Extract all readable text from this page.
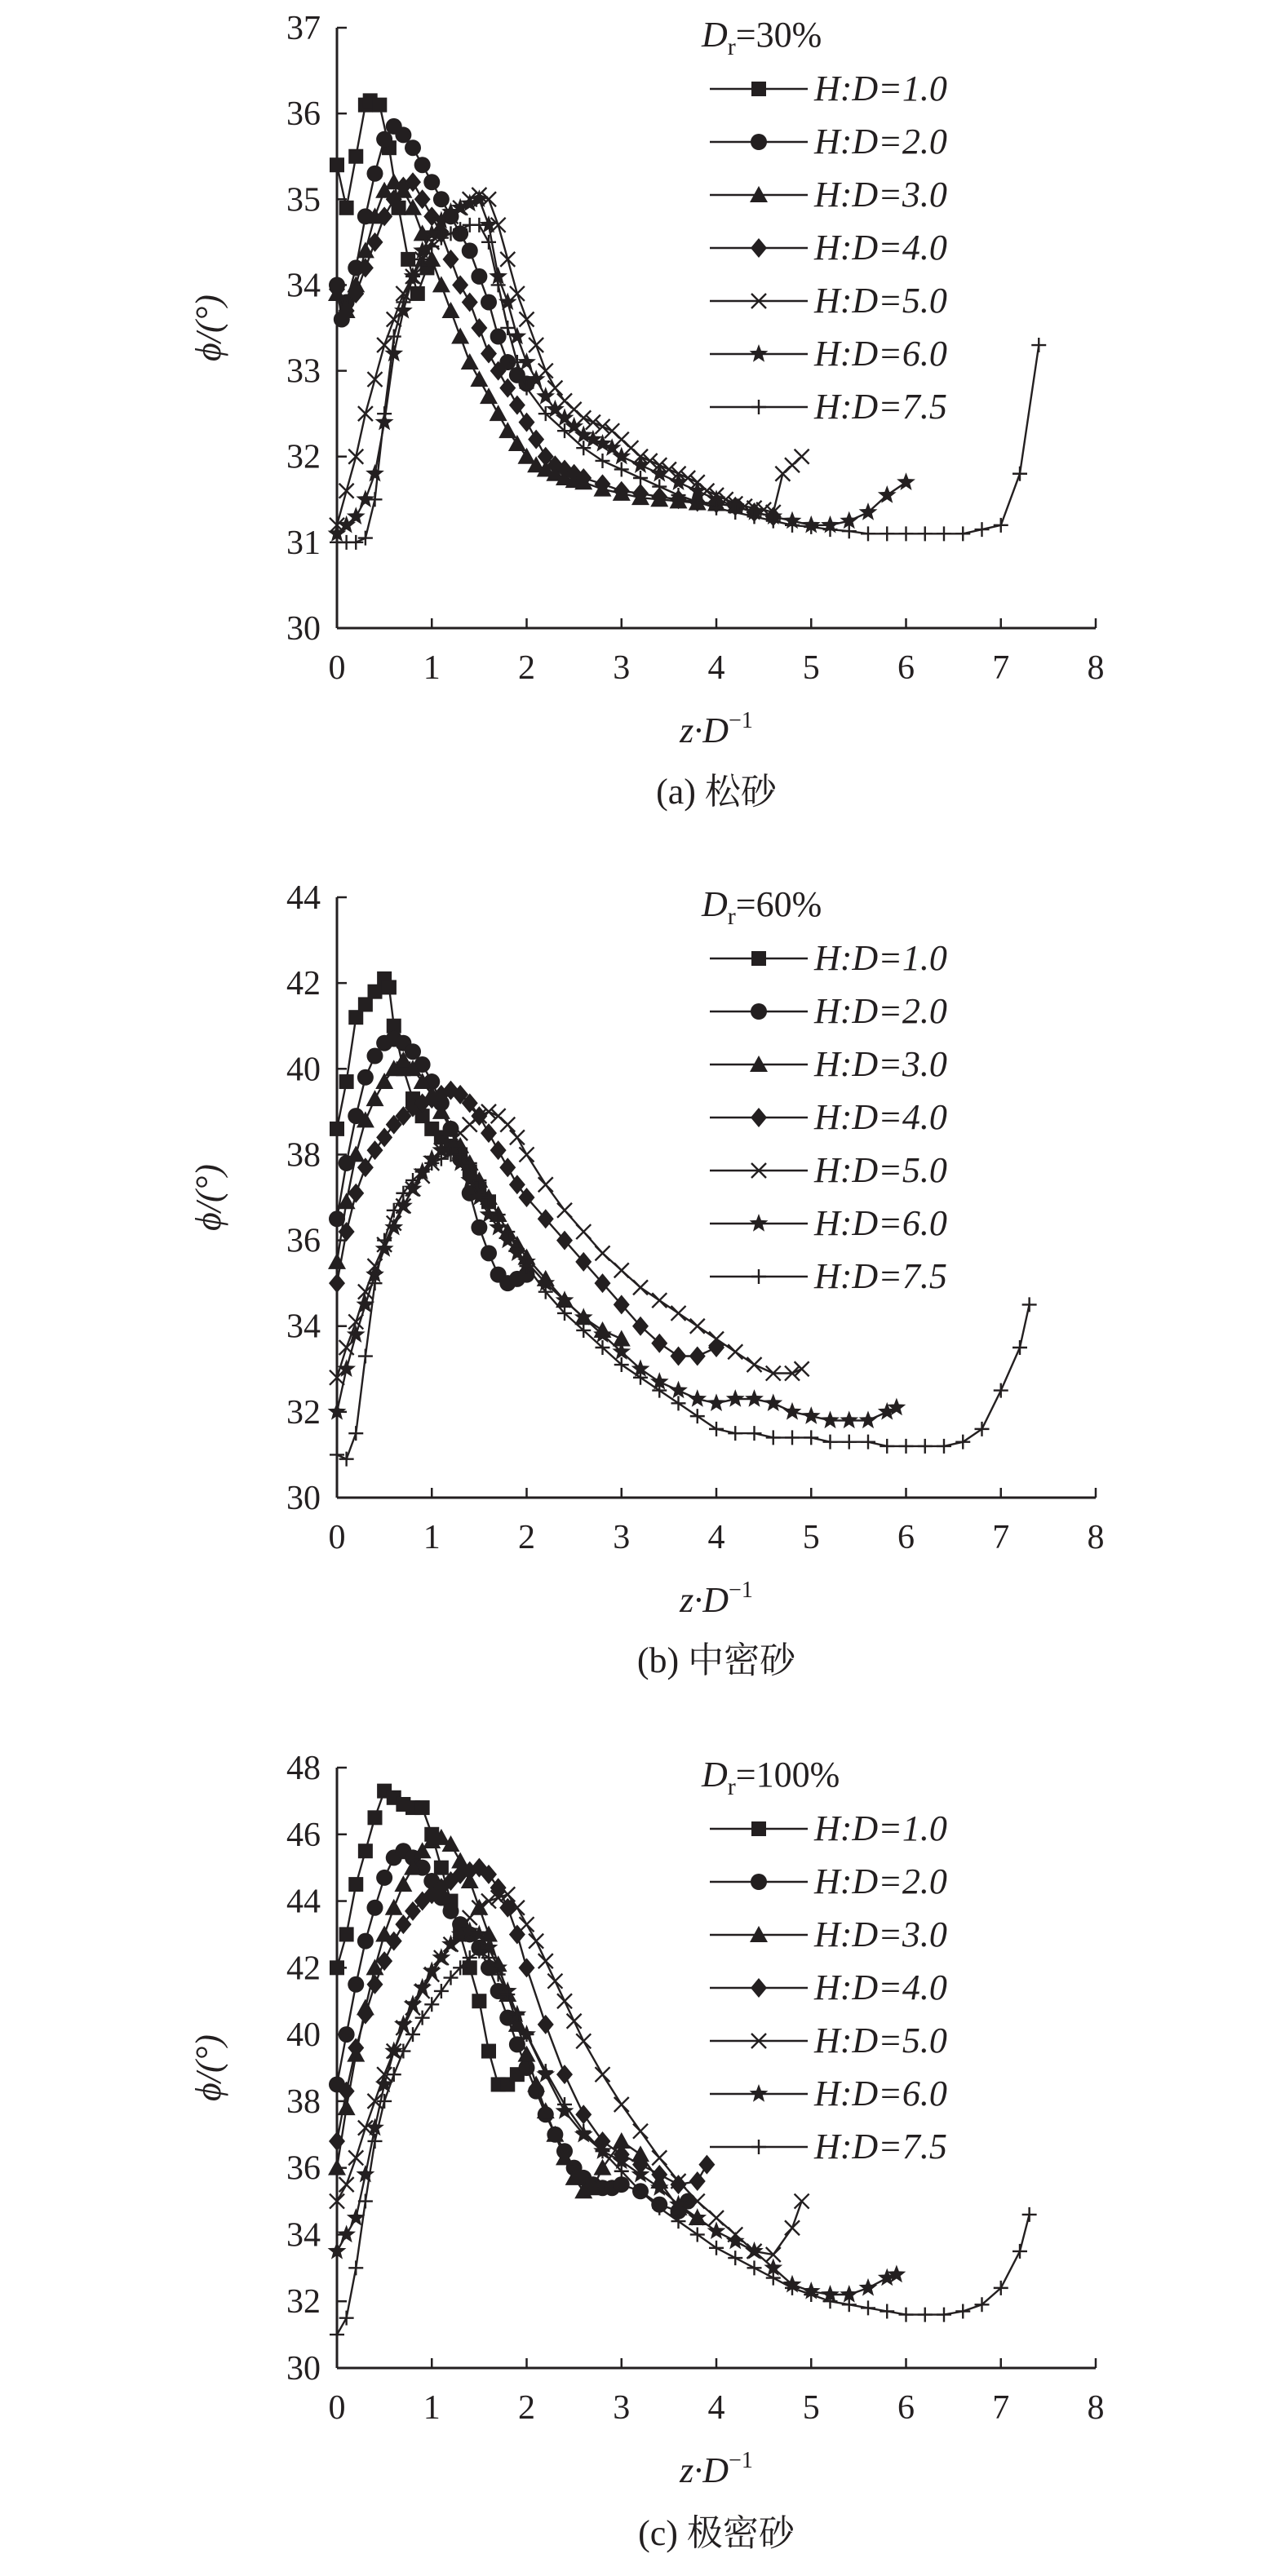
0 1 2 3 4 5 6 7 8
30
31
32
33
34
35
36
37
$z\cdot D^{-1}$
ϕ/(°)
(a) 松砂
$D_r=30\%$
H:D=1.0
H:D=2.0
H:D=3.0
H:D=4.0
H:D=5.0
H:D=6.0
H:D=7.5
0 1 2 3 4 5 6 7 8
30
32
34
36
38
40
42
44
$z\cdot D^{-1}$
ϕ/(°)
(b) 中密砂
$D_r=60\%$
H:D=1.0
H:D=2.0
H:D=3.0
H:D=4.0
H:D=5.0
H:D=6.0
H:D=7.5
0 1 2 3 4 5 6 7 8
30
32
34
36
38
40
42
44
46
48
$z\cdot D^{-1}$
ϕ/(°)
(c) 极密砂
$D_r=100\%$
H:D=1.0
H:D=2.0
H:D=3.0
H:D=4.0
H:D=5.0
H:D=6.0
H:D=7.5
